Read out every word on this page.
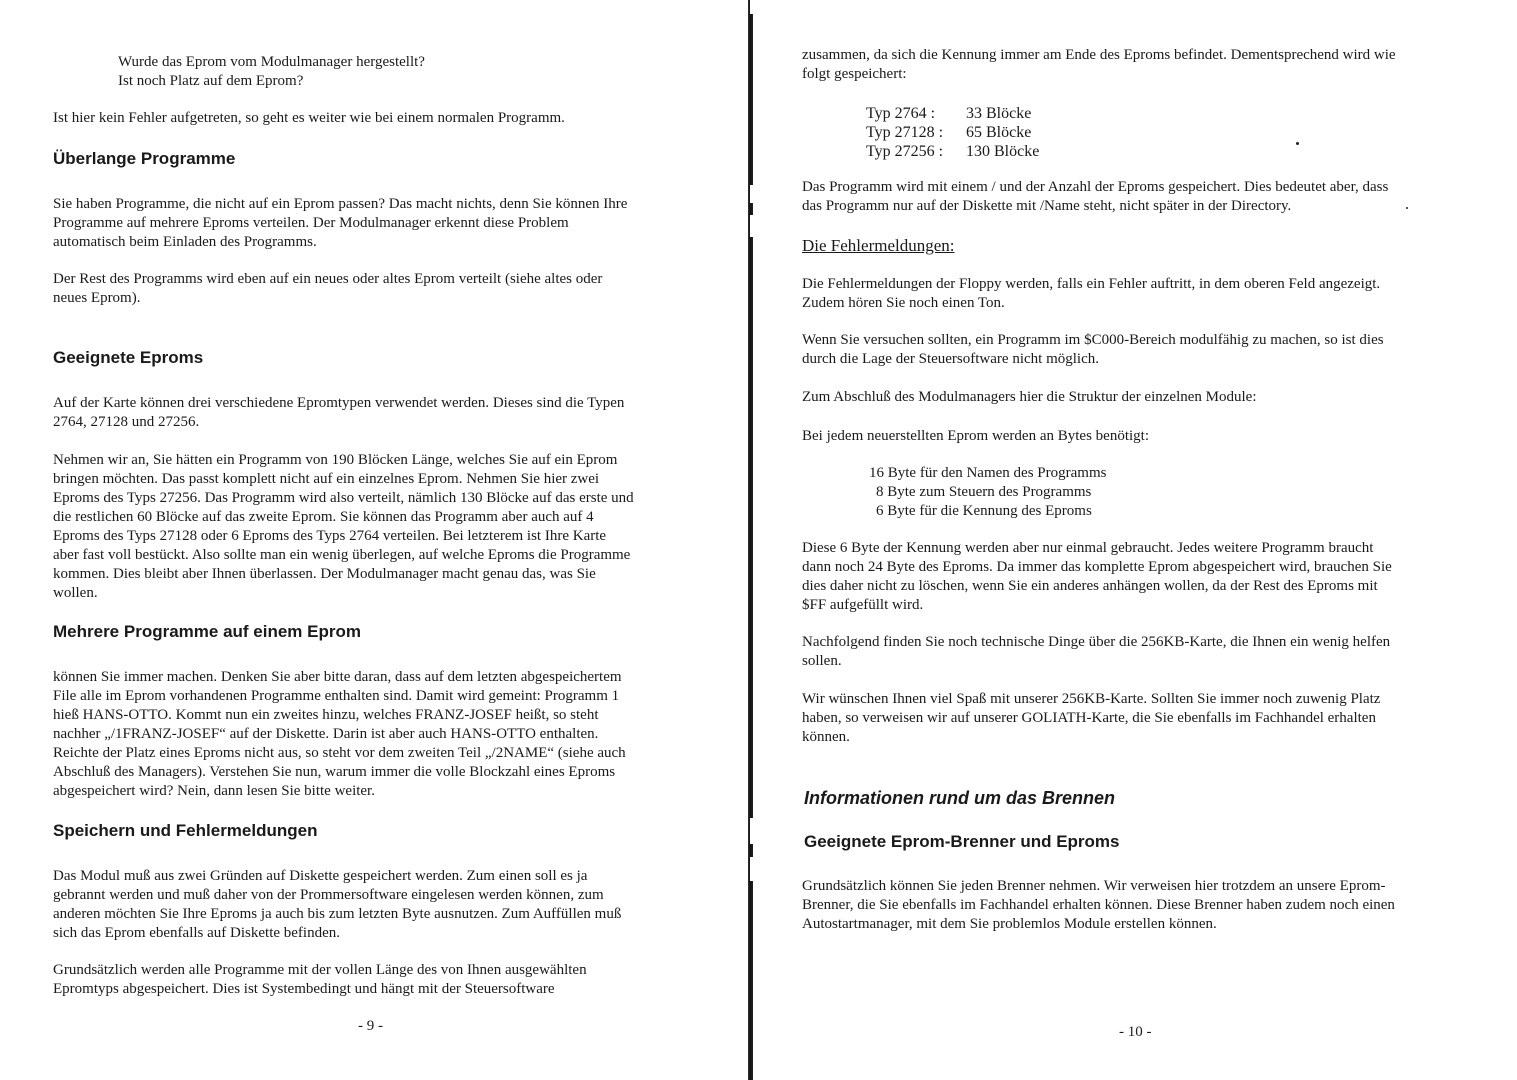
Wurde das Eprom vom Modulmanager hergestellt?
Ist noch Platz auf dem Eprom?

Ist hier kein Fehler aufgetreten, so geht es weiter wie bei einem normalen Programm.

Überlange Programme
Sie haben Programme, die nicht auf ein Eprom passen? Das macht nichts, denn Sie können Ihre
Programme auf mehrere Eproms verteilen. Der Modulmanager erkennt diese Problem
automatisch beim Einladen des Programms.
Der Rest des Programms wird eben auf ein neues oder altes Eprom verteilt (siehe altes oder
neues Eprom).
Geeignete Eproms
Auf der Karte können drei verschiedene Epromtypen verwendet werden. Dieses sind die Typen
2764, 27128 und 27256.
Nehmen wir an, Sie hätten ein Programm von 190 Blöcken Länge, welches Sie auf ein Eprom
bringen möchten. Das passt komplett nicht auf ein einzelnes Eprom. Nehmen Sie hier zwei
Eproms des Typs 27256. Das Programm wird also verteilt, nämlich 130 Blöcke auf das erste und
die restlichen 60 Blöcke auf das zweite Eprom. Sie können das Programm aber auch auf 4
Eproms des Typs 27128 oder 6 Eproms des Typs 2764 verteilen. Bei letzterem ist Ihre Karte
aber fast voll bestückt. Also sollte man ein wenig überlegen, auf welche Eproms die Programme
kommen. Dies bleibt aber Ihnen überlassen. Der Modulmanager macht genau das, was Sie
wollen.
Mehrere Programme auf einem Eprom
können Sie immer machen. Denken Sie aber bitte daran, dass auf dem letzten abgespeichertem
File alle im Eprom vorhandenen Programme enthalten sind. Damit wird gemeint: Programm 1
hieß HANS-OTTO. Kommt nun ein zweites hinzu, welches FRANZ-JOSEF heißt, so steht
nachher „/1FRANZ-JOSEF“ auf der Diskette. Darin ist aber auch HANS-OTTO enthalten.
Reichte der Platz eines Eproms nicht aus, so steht vor dem zweiten Teil „/2NAME“ (siehe auch
Abschluß des Managers). Verstehen Sie nun, warum immer die volle Blockzahl eines Eproms
abgespeichert wird? Nein, dann lesen Sie bitte weiter.
Speichern und Fehlermeldungen
Das Modul muß aus zwei Gründen auf Diskette gespeichert werden. Zum einen soll es ja
gebrannt werden und muß daher von der Prommersoftware eingelesen werden können, zum
anderen möchten Sie Ihre Eproms ja auch bis zum letzten Byte ausnutzen. Zum Auffüllen muß
sich das Eprom ebenfalls auf Diskette befinden.
Grundsätzlich werden alle Programme mit der vollen Länge des von Ihnen ausgewählten
Epromtyps abgespeichert. Dies ist Systembedingt und hängt mit der Steuersoftware
- 9 -
zusammen, da sich die Kennung immer am Ende des Eproms befindet. Dementsprechend wird wie
folgt gespeichert:
Typ 2764 : 33 Blöcke
Typ 27128 : 65 Blöcke
Typ 27256 : 130 Blöcke
Das Programm wird mit einem / und der Anzahl der Eproms gespeichert. Dies bedeutet aber, dass
das Programm nur auf der Diskette mit /Name steht, nicht später in der Directory.
Die Fehlermeldungen:
Die Fehlermeldungen der Floppy werden, falls ein Fehler auftritt, in dem oberen Feld angezeigt.
Zudem hören Sie noch einen Ton.
Wenn Sie versuchen sollten, ein Programm im $C000-Bereich modulfähig zu machen, so ist dies
durch die Lage der Steuersoftware nicht möglich.

Zum Abschluß des Modulmanagers hier die Struktur der einzelnen Module:

Bei jedem neuerstellten Eprom werden an Bytes benötigt:

16 Byte für den Namen des Programms
8 Byte zum Steuern des Programms
6 Byte für die Kennung des Eproms
Diese 6 Byte der Kennung werden aber nur einmal gebraucht. Jedes weitere Programm braucht
dann noch 24 Byte des Eproms. Da immer das komplette Eprom abgespeichert wird, brauchen Sie
dies daher nicht zu löschen, wenn Sie ein anderes anhängen wollen, da der Rest des Eproms mit
$FF aufgefüllt wird.
Nachfolgend finden Sie noch technische Dinge über die 256KB-Karte, die Ihnen ein wenig helfen
sollen.
Wir wünschen Ihnen viel Spaß mit unserer 256KB-Karte. Sollten Sie immer noch zuwenig Platz
haben, so verweisen wir auf unserer GOLIATH-Karte, die Sie ebenfalls im Fachhandel erhalten
können.
Informationen rund um das Brennen
Geeignete Eprom-Brenner und Eproms
Grundsätzlich können Sie jeden Brenner nehmen. Wir verweisen hier trotzdem an unsere Eprom-
Brenner, die Sie ebenfalls im Fachhandel erhalten können. Diese Brenner haben zudem noch einen
Autostartmanager, mit dem Sie problemlos Module erstellen können.
- 10 -
